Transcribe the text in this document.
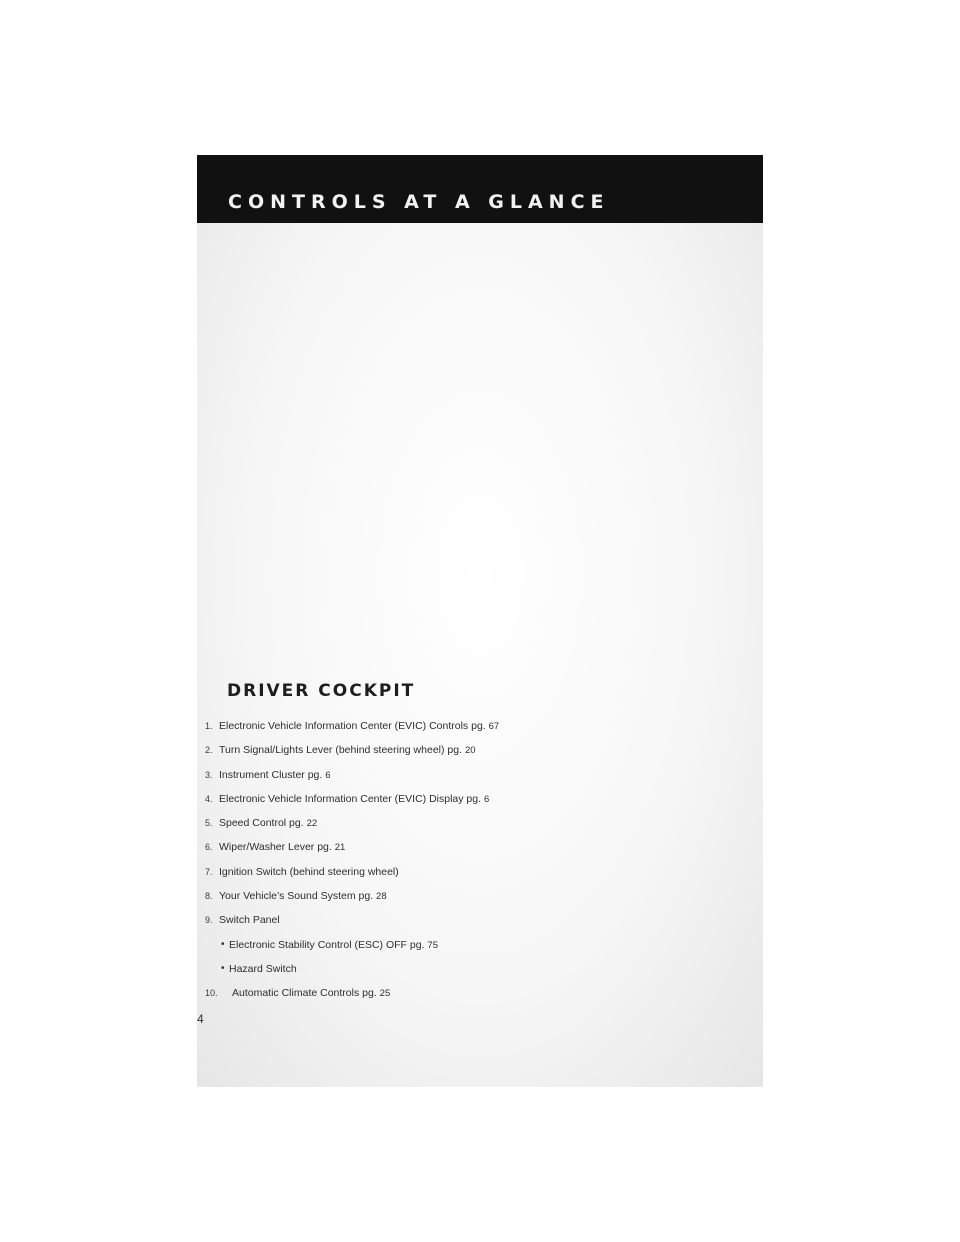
CONTROLS AT A GLANCE
DRIVER COCKPIT
1. Electronic Vehicle Information Center (EVIC) Controls pg. 67
2. Turn Signal/Lights Lever (behind steering wheel) pg. 20
3. Instrument Cluster pg. 6
4. Electronic Vehicle Information Center (EVIC) Display pg. 6
5. Speed Control pg. 22
6. Wiper/Washer Lever pg. 21
7. Ignition Switch (behind steering wheel)
8. Your Vehicle’s Sound System pg. 28
9. Switch Panel
• Electronic Stability Control (ESC) OFF pg. 75
• Hazard Switch
10. Automatic Climate Controls pg. 25
4
